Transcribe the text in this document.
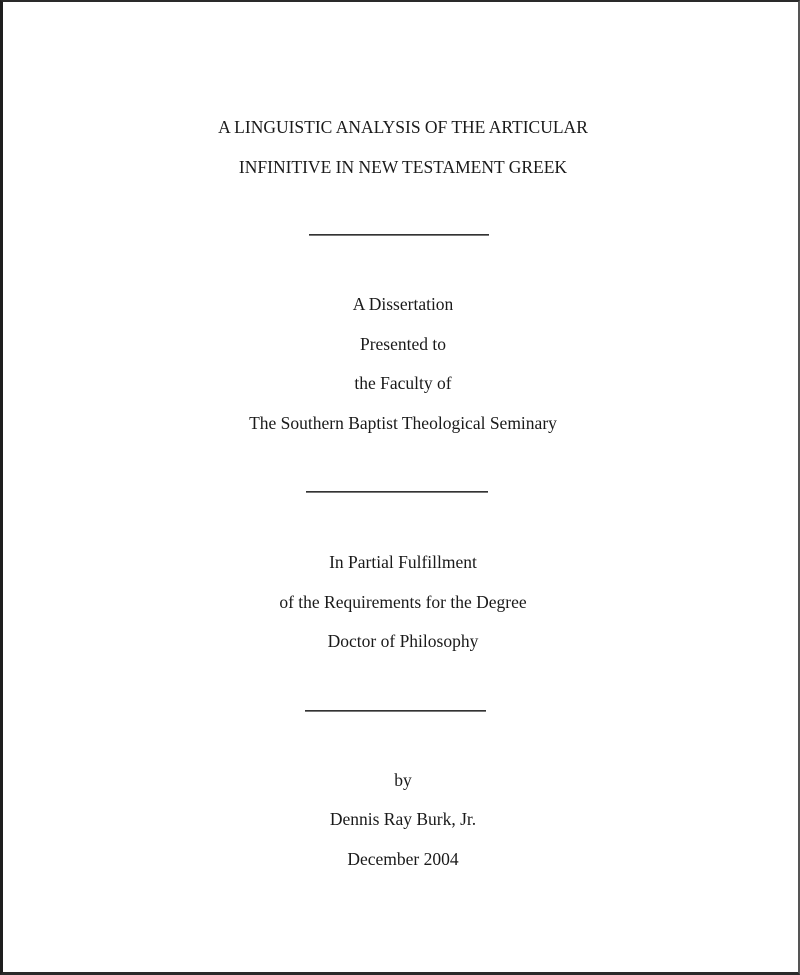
A LINGUISTIC ANALYSIS OF THE ARTICULAR
INFINITIVE IN NEW TESTAMENT GREEK
A Dissertation
Presented to
the Faculty of
The Southern Baptist Theological Seminary
In Partial Fulfillment
of the Requirements for the Degree
Doctor of Philosophy
by
Dennis Ray Burk, Jr.
December 2004
